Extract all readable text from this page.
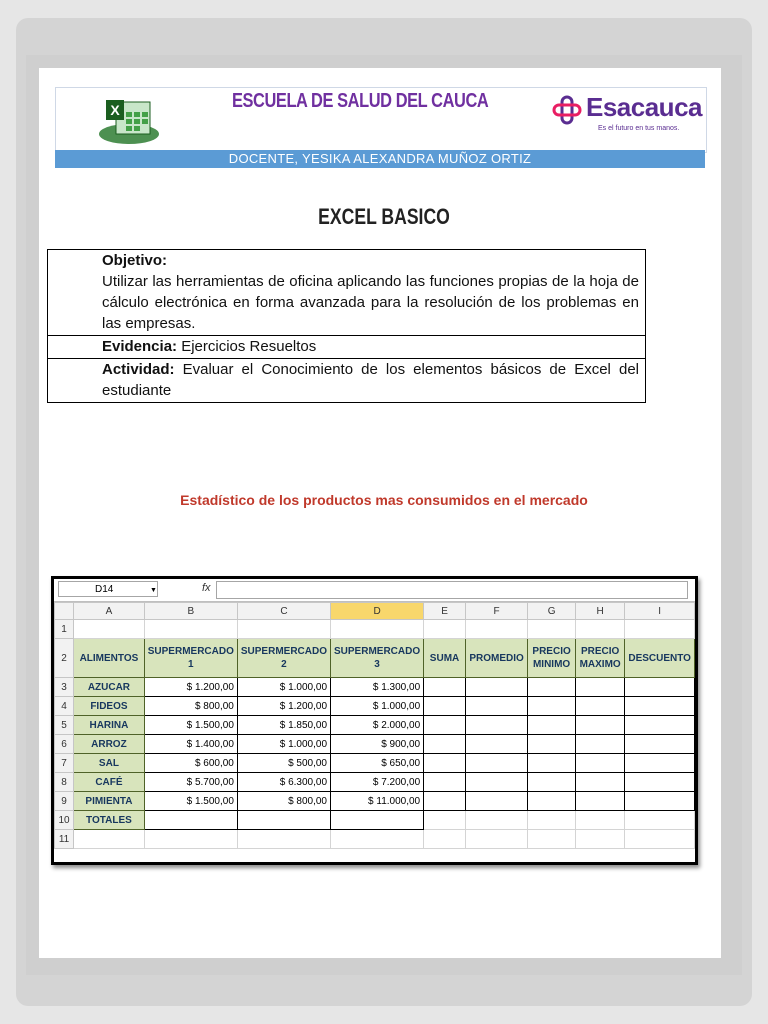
X	ESCUELA DE SALUD DEL CAUCA	Esacauca
Es el futuro en tus manos.
DOCENTE, YESIKA ALEXANDRA MUÑOZ ORTIZ
EXCEL BASICO
Objetivo:
Utilizar las herramientas de oficina aplicando las funciones propias de la hoja de cálculo electrónica en forma avanzada para la resolución de los problemas en las empresas.
Evidencia: Ejercicios Resueltos
Actividad: Evaluar el Conocimiento de los elementos básicos de Excel del estudiante
Estadístico de los productos mas consumidos en el mercado
D14	▼	fx
	A	B	C	D	E	F	G	H	I
1									
2	ALIMENTOS	SUPERMERCADO 1	SUPERMERCADO 2	SUPERMERCADO 3	SUMA	PROMEDIO	PRECIO MINIMO	PRECIO MAXIMO	DESCUENTO
3	AZUCAR	$ 1.200,00	$ 1.000,00	$ 1.300,00					
4	FIDEOS	$ 800,00	$ 1.200,00	$ 1.000,00					
5	HARINA	$ 1.500,00	$ 1.850,00	$ 2.000,00					
6	ARROZ	$ 1.400,00	$ 1.000,00	$ 900,00					
7	SAL	$ 600,00	$ 500,00	$ 650,00					
8	CAFÉ	$ 5.700,00	$ 6.300,00	$ 7.200,00					
9	PIMIENTA	$ 1.500,00	$ 800,00	$ 11.000,00					
10	TOTALES								
11									
